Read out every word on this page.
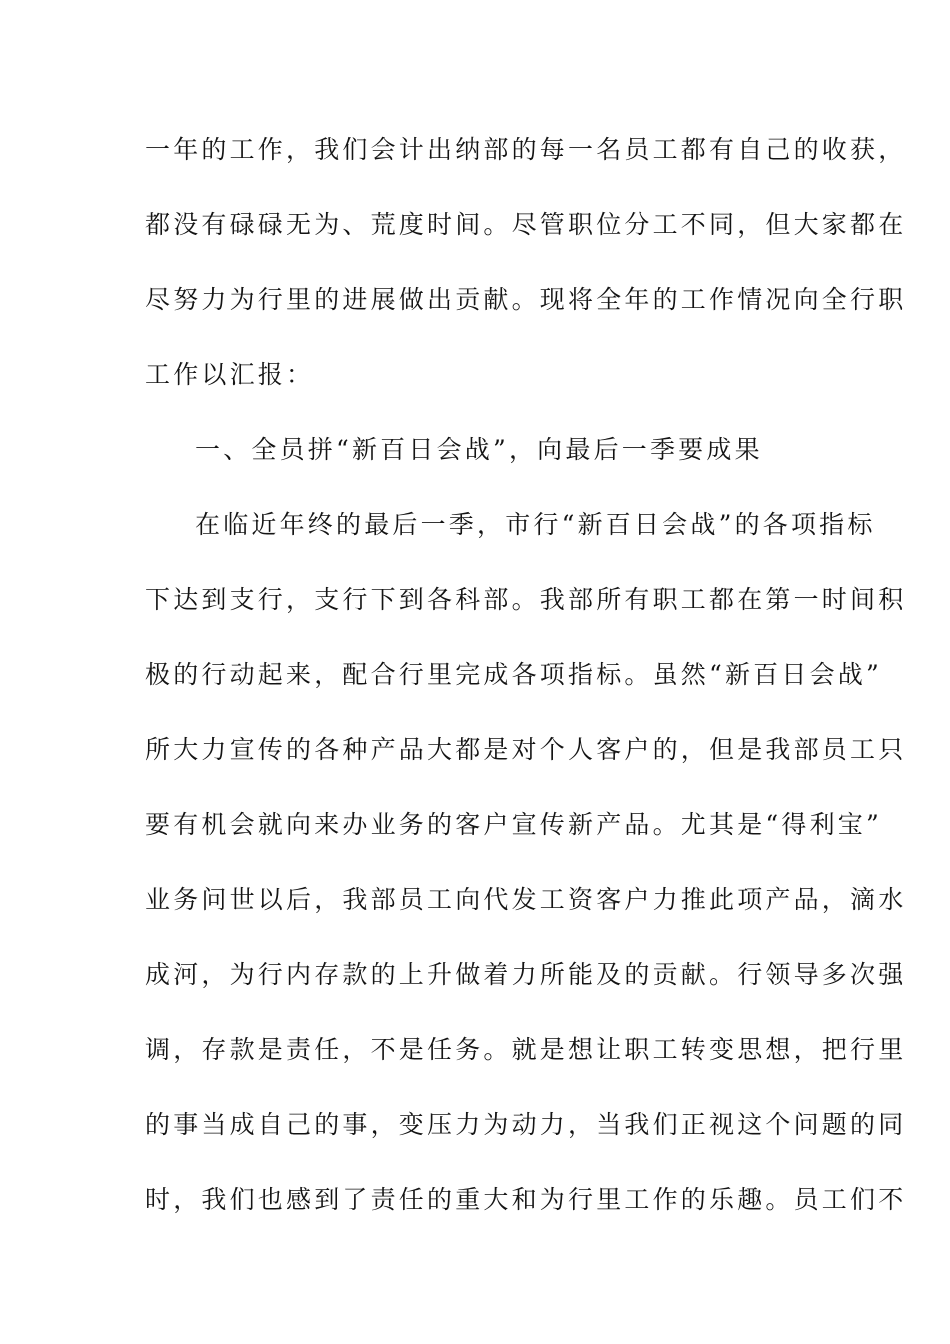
一年的工作，我们会计出纳部的每一名员工都有自己的收获，
都没有碌碌无为、荒度时间。尽管职位分工不同，但大家都在
尽努力为行里的进展做出贡献。现将全年的工作情况向全行职
工作以汇报：
一、全员拼“新百日会战”，向最后一季要成果
在临近年终的最后一季，市行“新百日会战”的各项指标
下达到支行，支行下到各科部。我部所有职工都在第一时间积
极的行动起来，配合行里完成各项指标。虽然“新百日会战”
所大力宣传的各种产品大都是对个人客户的，但是我部员工只
要有机会就向来办业务的客户宣传新产品。尤其是“得利宝”
业务问世以后，我部员工向代发工资客户力推此项产品，滴水
成河，为行内存款的上升做着力所能及的贡献。行领导多次强
调，存款是责任，不是任务。就是想让职工转变思想，把行里
的事当成自己的事，变压力为动力，当我们正视这个问题的同
时，我们也感到了责任的重大和为行里工作的乐趣。员工们不
